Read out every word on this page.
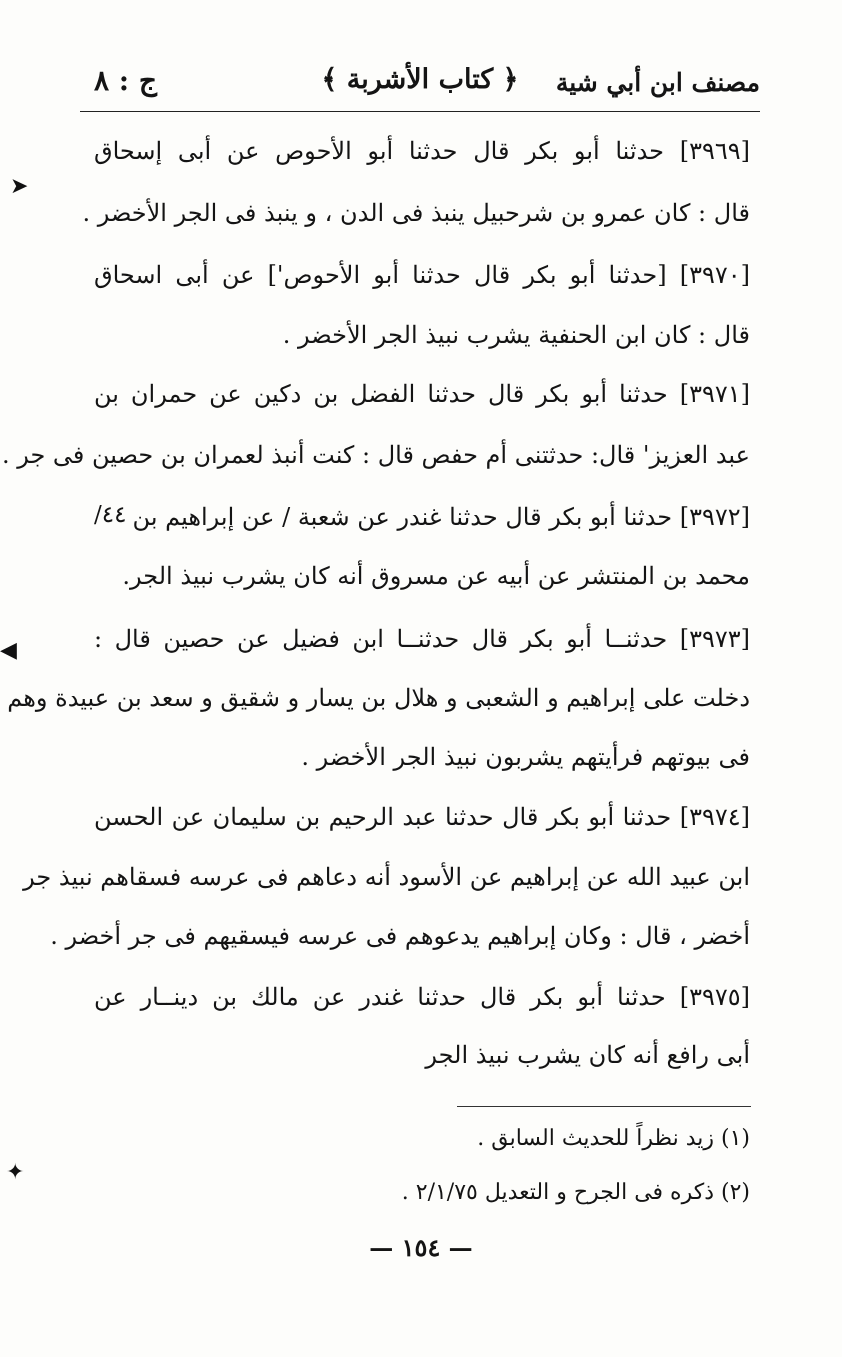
مصنف ابن أبي شية
﴿ كتاب الأشربة ﴾
ج : ٨
[٣٩٦٩] حدثنا أبو بكر قال حدثنا أبو الأحوص عن أبى إسحاق
قال : كان عمرو بن شرحبيل ينبذ فى الدن ، و ينبذ فى الجر الأخضر .
[٣٩٧٠] [حدثنا أبو بكر قال حدثنا أبو الأحوص'] عن أبى اسحاق
قال : كان ابن الحنفية يشرب نبيذ الجر الأخضر .
[٣٩٧١] حدثنا أبو بكر قال حدثنا الفضل بن دكين عن حمران بن
عبد العزيز' قال: حدثتنى أم حفص قال : كنت أنبذ لعمران بن حصين فى جر .
[٣٩٧٢] حدثنا أبو بكر قال حدثنا غندر عن شعبة / عن إبراهيم بن
محمد بن المنتشر عن أبيه عن مسروق أنه كان يشرب نبيذ الجر.
[٣٩٧٣] حدثنــا أبو بكر قال حدثنــا ابن فضيل عن حصين قال :
دخلت على إبراهيم و الشعبى و هلال بن يسار و شقيق و سعد بن عبيدة وهم
فى بيوتهم فرأيتهم يشربون نبيذ الجر الأخضر .
[٣٩٧٤] حدثنا أبو بكر قال حدثنا عبد الرحيم بن سليمان عن الحسن
ابن عبيد الله عن إبراهيم عن الأسود أنه دعاهم فى عرسه فسقاهم نبيذ جر
أخضر ، قال : وكان إبراهيم يدعوهم فى عرسه فيسقيهم فى جر أخضر .
[٣٩٧٥] حدثنا أبو بكر قال حدثنا غندر عن مالك بن دينــار عن
أبى رافع أنه كان يشرب نبيذ الجر
٤٤/
(١) زيد نظراً للحديث السابق .
(٢) ذكره فى الجرح و التعديل ٢/١/٧٥ .
— ١٥٤ —
➤
◀
✦
